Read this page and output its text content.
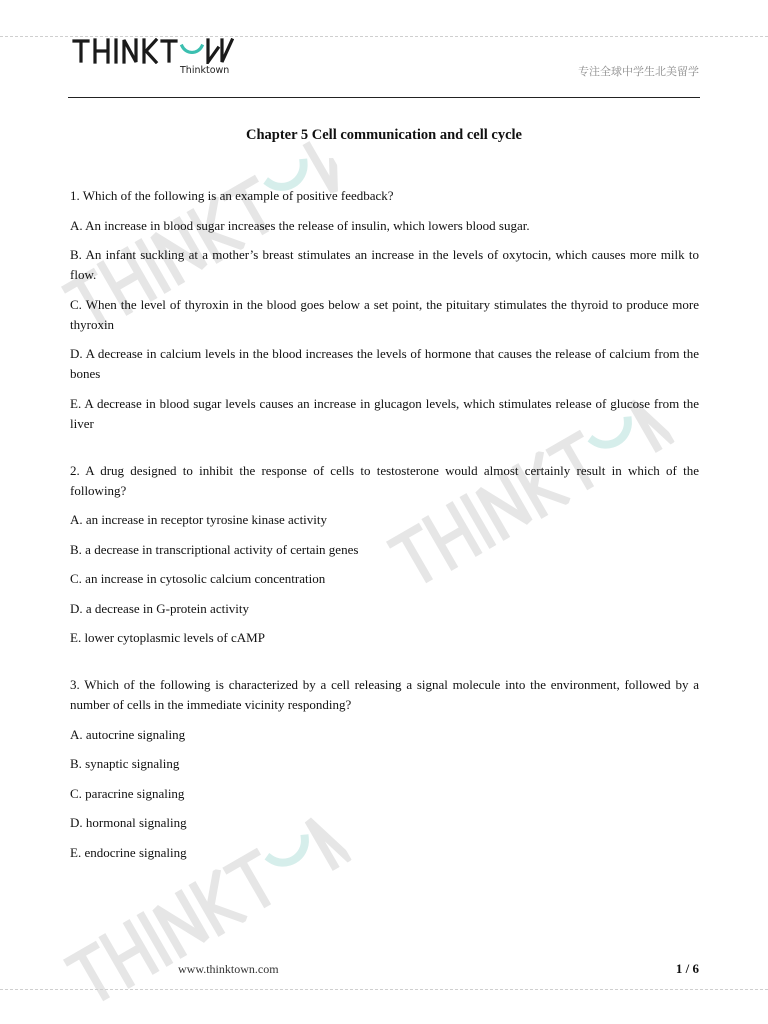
Thinktown	专注全球中学生北美留学
Chapter 5 Cell communication and cell cycle

1. Which of the following is an example of positive feedback?

A. An increase in blood sugar increases the release of insulin, which lowers blood sugar.

B. An infant suckling at a mother’s breast stimulates an increase in the levels of oxytocin, which causes more milk to flow.

C. When the level of thyroxin in the blood goes below a set point, the pituitary stimulates the thyroid to produce more thyroxin

D. A decrease in calcium levels in the blood increases the levels of hormone that causes the release of calcium from the bones

E. A decrease in blood sugar levels causes an increase in glucagon levels, which stimulates release of glucose from the liver

2. A drug designed to inhibit the response of cells to testosterone would almost certainly result in which of the following?

A. an increase in receptor tyrosine kinase activity

B. a decrease in transcriptional activity of certain genes

C. an increase in cytosolic calcium concentration

D. a decrease in G-protein activity

E. lower cytoplasmic levels of cAMP

3. Which of the following is characterized by a cell releasing a signal molecule into the environment, followed by a number of cells in the immediate vicinity responding?

A. autocrine signaling

B. synaptic signaling

C. paracrine signaling

D. hormonal signaling

E. endocrine signaling

www.thinktown.com	1 / 6
